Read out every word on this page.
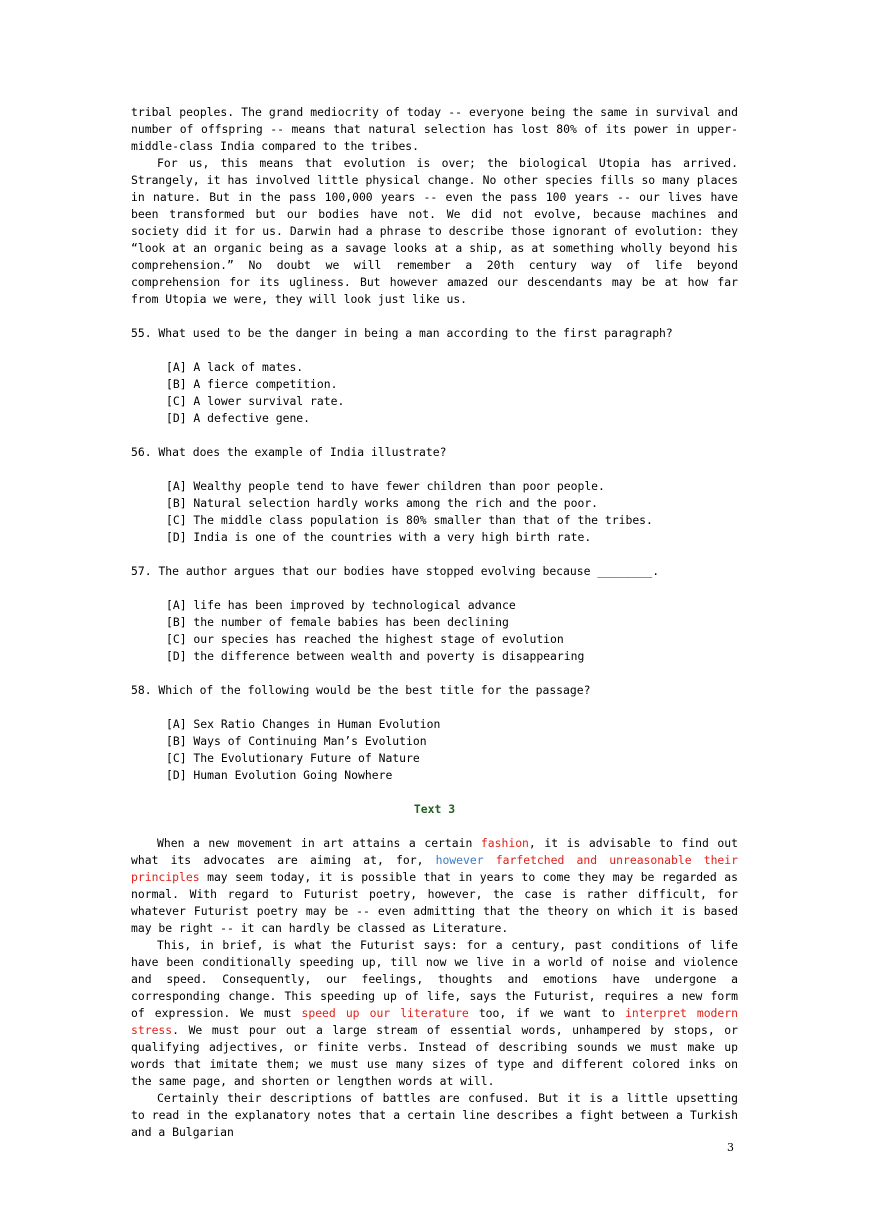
tribal peoples. The grand mediocrity of today -- everyone being the same in survival and number of offspring -- means that natural selection has lost 80% of its power in upper-middle-class India compared to the tribes.

For us, this means that evolution is over; the biological Utopia has arrived. Strangely, it has involved little physical change. No other species fills so many places in nature. But in the pass 100,000 years -- even the pass 100 years -- our lives have been transformed but our bodies have not. We did not evolve, because machines and society did it for us. Darwin had a phrase to describe those ignorant of evolution: they “look at an organic being as a savage looks at a ship, as at something wholly beyond his comprehension.” No doubt we will remember a 20th century way of life beyond comprehension for its ugliness. But however amazed our descendants may be at how far from Utopia we were, they will look just like us.

55. What used to be the danger in being a man according to the first paragraph?

[A] A lack of mates.
[B] A fierce competition.
[C] A lower survival rate.
[D] A defective gene.

56. What does the example of India illustrate?

[A] Wealthy people tend to have fewer children than poor people.
[B] Natural selection hardly works among the rich and the poor.
[C] The middle class population is 80% smaller than that of the tribes.
[D] India is one of the countries with a very high birth rate.

57. The author argues that our bodies have stopped evolving because ________.

[A] life has been improved by technological advance
[B] the number of female babies has been declining
[C] our species has reached the highest stage of evolution
[D] the difference between wealth and poverty is disappearing

58. Which of the following would be the best title for the passage?

[A] Sex Ratio Changes in Human Evolution
[B] Ways of Continuing Man’s Evolution
[C] The Evolutionary Future of Nature
[D] Human Evolution Going Nowhere

Text 3

When a new movement in art attains a certain fashion, it is advisable to find out what its advocates are aiming at, for, however farfetched and unreasonable their principles may seem today, it is possible that in years to come they may be regarded as normal. With regard to Futurist poetry, however, the case is rather difficult, for whatever Futurist poetry may be -- even admitting that the theory on which it is based may be right -- it can hardly be classed as Literature.

This, in brief, is what the Futurist says: for a century, past conditions of life have been conditionally speeding up, till now we live in a world of noise and violence and speed. Consequently, our feelings, thoughts and emotions have undergone a corresponding change. This speeding up of life, says the Futurist, requires a new form of expression. We must speed up our literature too, if we want to interpret modern stress. We must pour out a large stream of essential words, unhampered by stops, or qualifying adjectives, or finite verbs. Instead of describing sounds we must make up words that imitate them; we must use many sizes of type and different colored inks on the same page, and shorten or lengthen words at will.

Certainly their descriptions of battles are confused. But it is a little upsetting to read in the explanatory notes that a certain line describes a fight between a Turkish and a Bulgarian

3
